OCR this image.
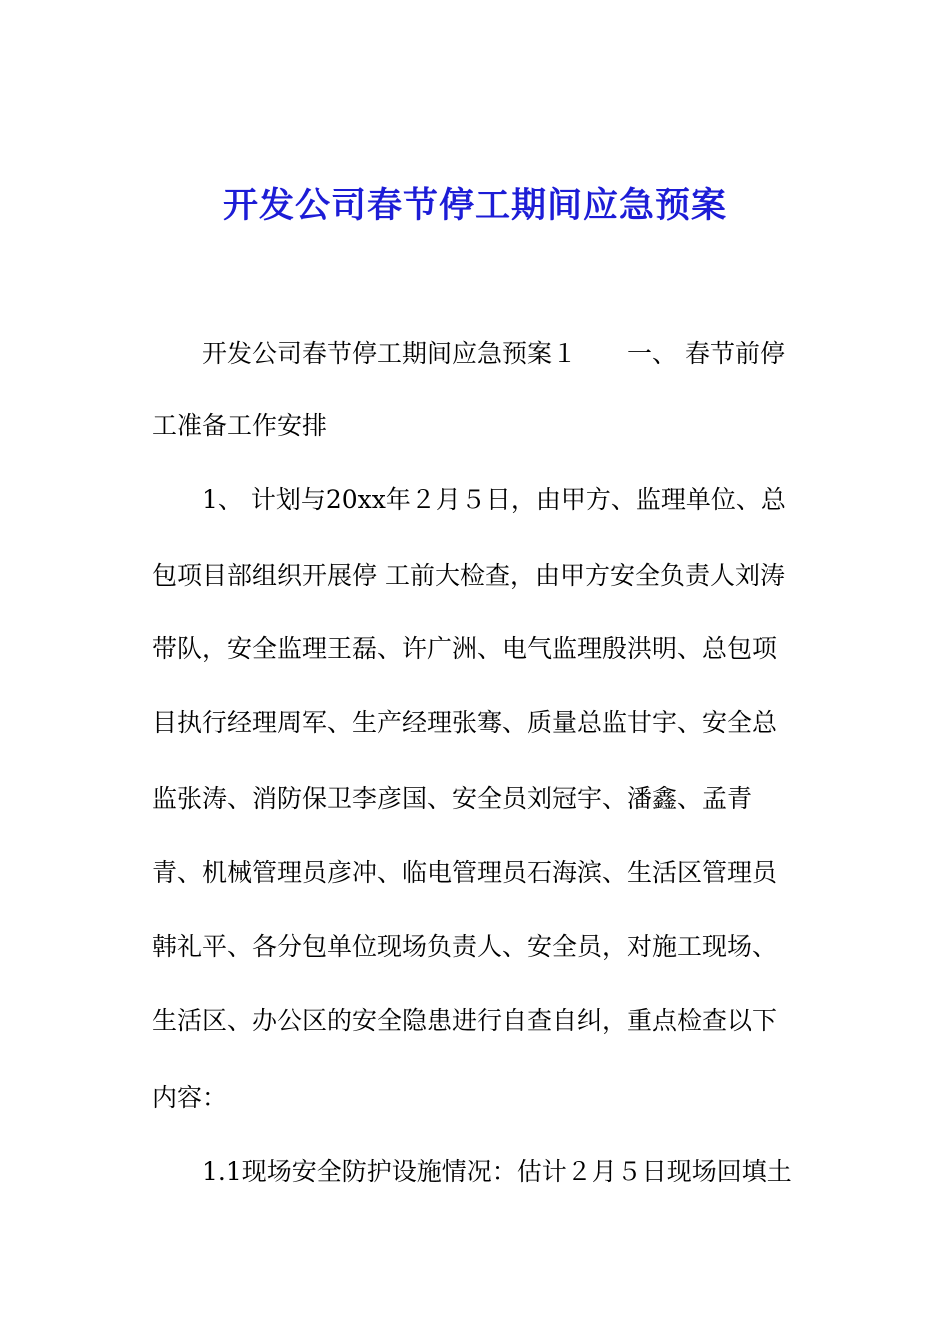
开发公司春节停工期间应急预案

开发公司春节停工期间应急预案１　　一、 春节前停

工准备工作安排

1、 计划与20xx年２月５日，由甲方、监理单位、总

包项目部组织开展停 工前大检查，由甲方安全负责人刘涛

带队，安全监理王磊、许广洲、电气监理殷洪明、总包项

目执行经理周军、生产经理张骞、质量总监甘宇、安全总

监张涛、消防保卫李彦国、安全员刘冠宇、潘鑫、孟青

青、机械管理员彦冲、临电管理员石海滨、生活区管理员

韩礼平、各分包单位现场负责人、安全员，对施工现场、

生活区、办公区的安全隐患进行自查自纠，重点检查以下

内容：

1.1现场安全防护设施情况：估计２月５日现场回填土
